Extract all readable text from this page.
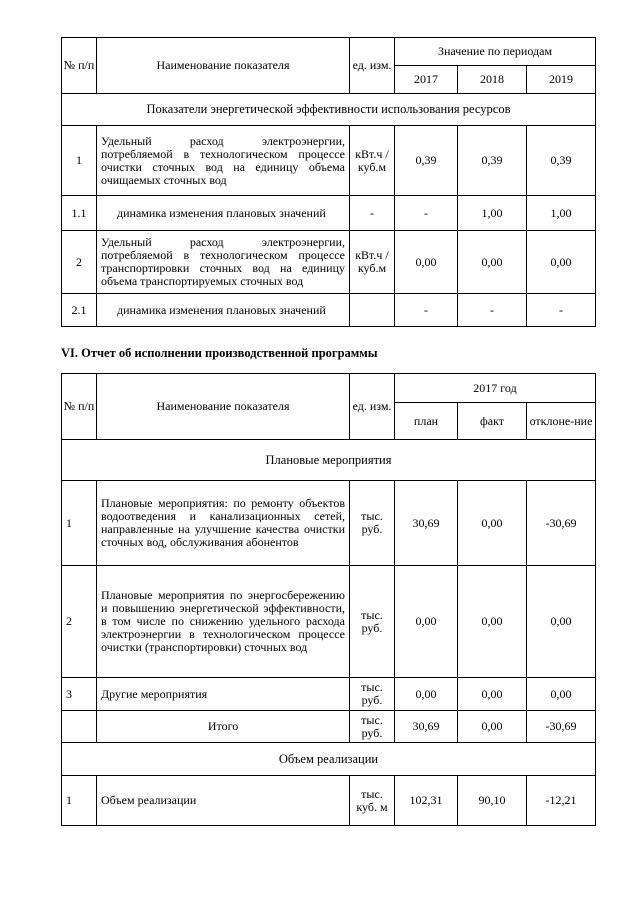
№ п/п	Наименование показателя	ед. изм.	Значение по периодам		
			2017	2018	2019
Показатели энергетической эффективности использования ресурсов					
1	Удельный расход электроэнергии, потребляемой в технологическом процессе очистки сточных вод на единицу объема очищаемых сточных вод	кВт.ч / куб.м	0,39	0,39	0,39
1.1	динамика изменения плановых значений	-	-	1,00	1,00
2	Удельный расход электроэнергии, потребляемой в технологическом процессе транспортировки сточных вод на единицу объема транспортируемых сточных вод	кВт.ч / куб.м	0,00	0,00	0,00
2.1	динамика изменения плановых значений		-	-	-
VI. Отчет об исполнении производственной программы
№ п/п	Наименование показателя	ед. изм.	2017 год		
			план	факт	отклоне-ние
Плановые мероприятия					
1	Плановые мероприятия: по ремонту объектов водоотведения и канализационных сетей, направленные на улучшение качества очистки сточных вод, обслуживания абонентов	тыс. руб.	30,69	0,00	-30,69
2	Плановые мероприятия по энергосбережению и повышению энергетической эффективности, в том числе по снижению удельного расхода электроэнергии в технологическом процессе очистки (транспортировки) сточных вод	тыс. руб.	0,00	0,00	0,00
3	Другие мероприятия	тыс. руб.	0,00	0,00	0,00
	Итого	тыс. руб.	30,69	0,00	-30,69
Объем реализации					
1	Объем реализации	тыс. куб. м	102,31	90,10	-12,21
